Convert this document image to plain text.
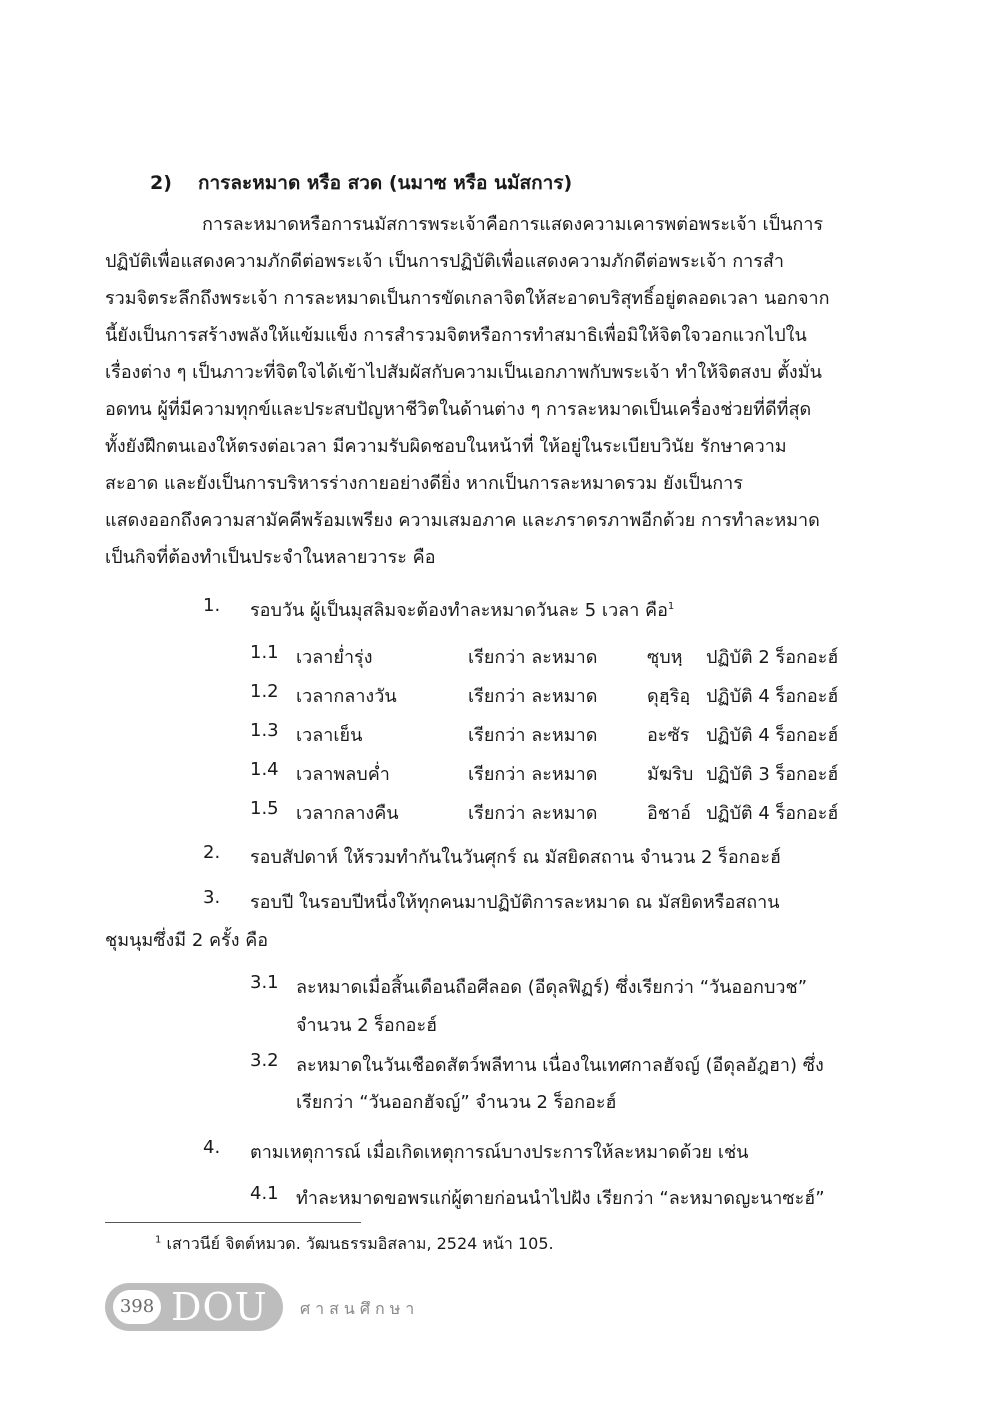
2) การละหมาด หรือ สวด (นมาซ หรือ นมัสการ)
การละหมาดหรือการนมัสการพระเจ้าคือการแสดงความเคารพต่อพระเจ้า เป็นการ
ปฏิบัติเพื่อแสดงความภักดีต่อพระเจ้า เป็นการปฏิบัติเพื่อแสดงความภักดีต่อพระเจ้า การสำ
รวมจิตระลึกถึงพระเจ้า การละหมาดเป็นการขัดเกลาจิตให้สะอาดบริสุทธิ์อยู่ตลอดเวลา นอกจาก
นี้ยังเป็นการสร้างพลังให้แข้มแข็ง การสำรวมจิตหรือการทำสมาธิเพื่อมิให้จิตใจวอกแวกไปใน
เรื่องต่าง ๆ เป็นภาวะที่จิตใจได้เข้าไปสัมผัสกับความเป็นเอกภาพกับพระเจ้า ทำให้จิตสงบ ตั้งมั่น
อดทน ผู้ที่มีความทุกข์และประสบปัญหาชีวิตในด้านต่าง ๆ การละหมาดเป็นเครื่องช่วยที่ดีที่สุด
ทั้งยังฝึกตนเองให้ตรงต่อเวลา มีความรับผิดชอบในหน้าที่ ให้อยู่ในระเบียบวินัย รักษาความ
สะอาด และยังเป็นการบริหารร่างกายอย่างดียิ่ง หากเป็นการละหมาดรวม ยังเป็นการ
แสดงออกถึงความสามัคคีพร้อมเพรียง ความเสมอภาค และภราดรภาพอีกด้วย การทำละหมาด
เป็นกิจที่ต้องทำเป็นประจำในหลายวาระ คือ
1. รอบวัน ผู้เป็นมุสลิมจะต้องทำละหมาดวันละ 5 เวลา คือ$^1$
1.1 เวลาย่ำรุ่ง	เรียกว่า ละหมาด	ซุบหฺ ปฏิบัติ 2 ร็อกอะฮ์
1.2 เวลากลางวัน	เรียกว่า ละหมาด	ดุฮฺริอฺ ปฏิบัติ 4 ร็อกอะฮ์
1.3 เวลาเย็น	เรียกว่า ละหมาด	อะซัร ปฏิบัติ 4 ร็อกอะฮ์
1.4 เวลาพลบค่ำ	เรียกว่า ละหมาด	มัฆริบ ปฏิบัติ 3 ร็อกอะฮ์
1.5 เวลากลางคืน	เรียกว่า ละหมาด	อิชาอ์ ปฏิบัติ 4 ร็อกอะฮ์
2. รอบสัปดาห์ ให้รวมทำกันในวันศุกร์ ณ มัสยิดสถาน จำนวน 2 ร็อกอะฮ์
3. รอบปี ในรอบปีหนึ่งให้ทุกคนมาปฏิบัติการละหมาด ณ มัสยิดหรือสถาน
ชุมนุมซึ่งมี 2 ครั้ง คือ
3.1 ละหมาดเมื่อสิ้นเดือนถือศีลอด (อีดุลฟิฏร์) ซึ่งเรียกว่า “วันออกบวช”
จำนวน 2 ร็อกอะฮ์
3.2 ละหมาดในวันเชือดสัตว์พลีทาน เนื่องในเทศกาลฮัจญ์ (อีดุลอัฎฮา) ซึ่ง
เรียกว่า “วันออกฮัจญ์” จำนวน 2 ร็อกอะฮ์
4. ตามเหตุการณ์ เมื่อเกิดเหตุการณ์บางประการให้ละหมาดด้วย เช่น
4.1 ทำละหมาดขอพรแก่ผู้ตายก่อนนำไปฝัง เรียกว่า “ละหมาดญะนาซะฮ์”
$^1$ เสาวนีย์ จิตต์หมวด. วัฒนธรรมอิสลาม, 2524 หน้า 105.
398 DOU ศาสนศึกษา
